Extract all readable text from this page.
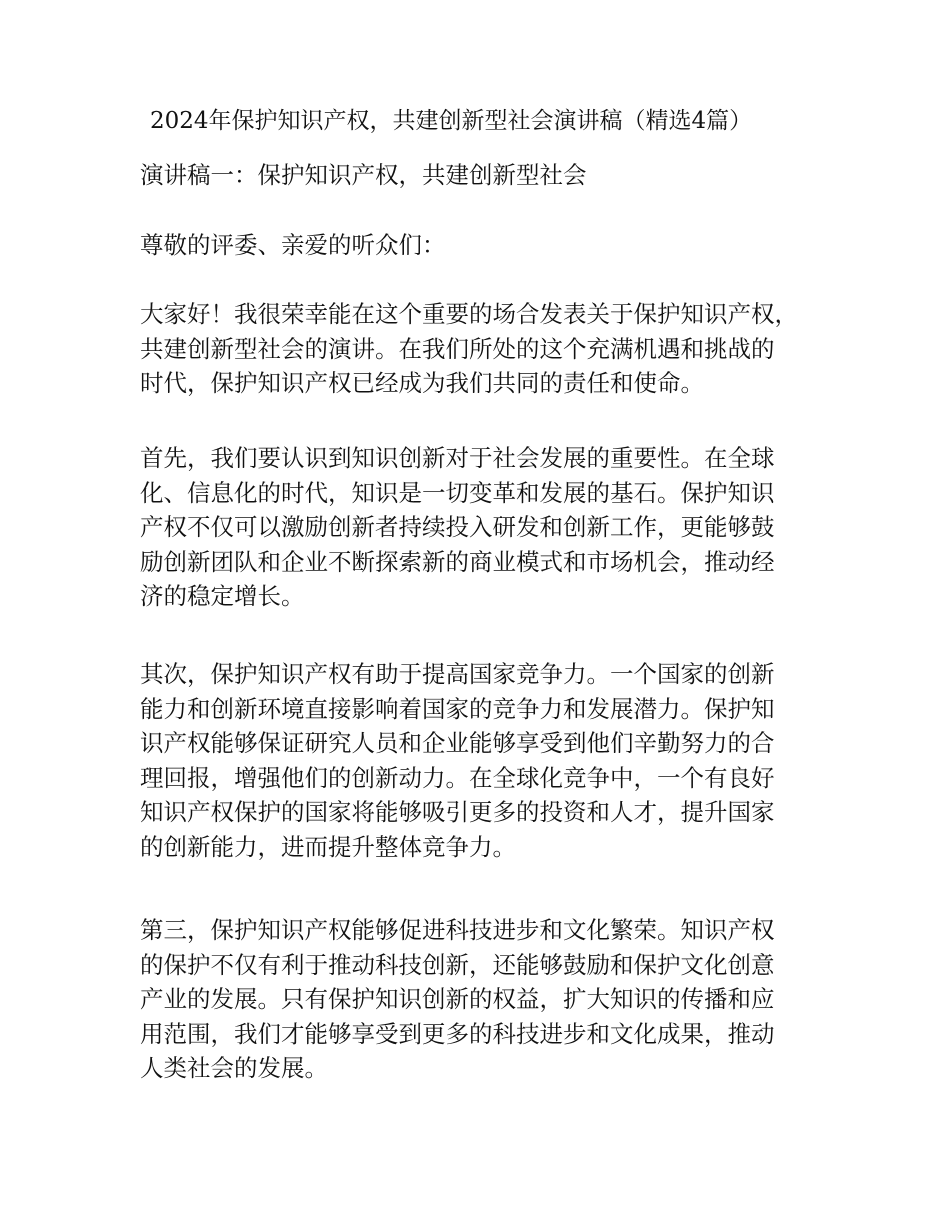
2024年保护知识产权，共建创新型社会演讲稿（精选4篇）
演讲稿一：保护知识产权，共建创新型社会

尊敬的评委、亲爱的听众们：

大家好！我很荣幸能在这个重要的场合发表关于保护知识产权，
共建创新型社会的演讲。在我们所处的这个充满机遇和挑战的
时代，保护知识产权已经成为我们共同的责任和使命。

首先，我们要认识到知识创新对于社会发展的重要性。在全球
化、信息化的时代，知识是一切变革和发展的基石。保护知识
产权不仅可以激励创新者持续投入研发和创新工作，更能够鼓
励创新团队和企业不断探索新的商业模式和市场机会，推动经
济的稳定增长。

其次，保护知识产权有助于提高国家竞争力。一个国家的创新
能力和创新环境直接影响着国家的竞争力和发展潜力。保护知
识产权能够保证研究人员和企业能够享受到他们辛勤努力的合
理回报，增强他们的创新动力。在全球化竞争中，一个有良好
知识产权保护的国家将能够吸引更多的投资和人才，提升国家
的创新能力，进而提升整体竞争力。

第三，保护知识产权能够促进科技进步和文化繁荣。知识产权
的保护不仅有利于推动科技创新，还能够鼓励和保护文化创意
产业的发展。只有保护知识创新的权益，扩大知识的传播和应
用范围，我们才能够享受到更多的科技进步和文化成果，推动
人类社会的发展。
